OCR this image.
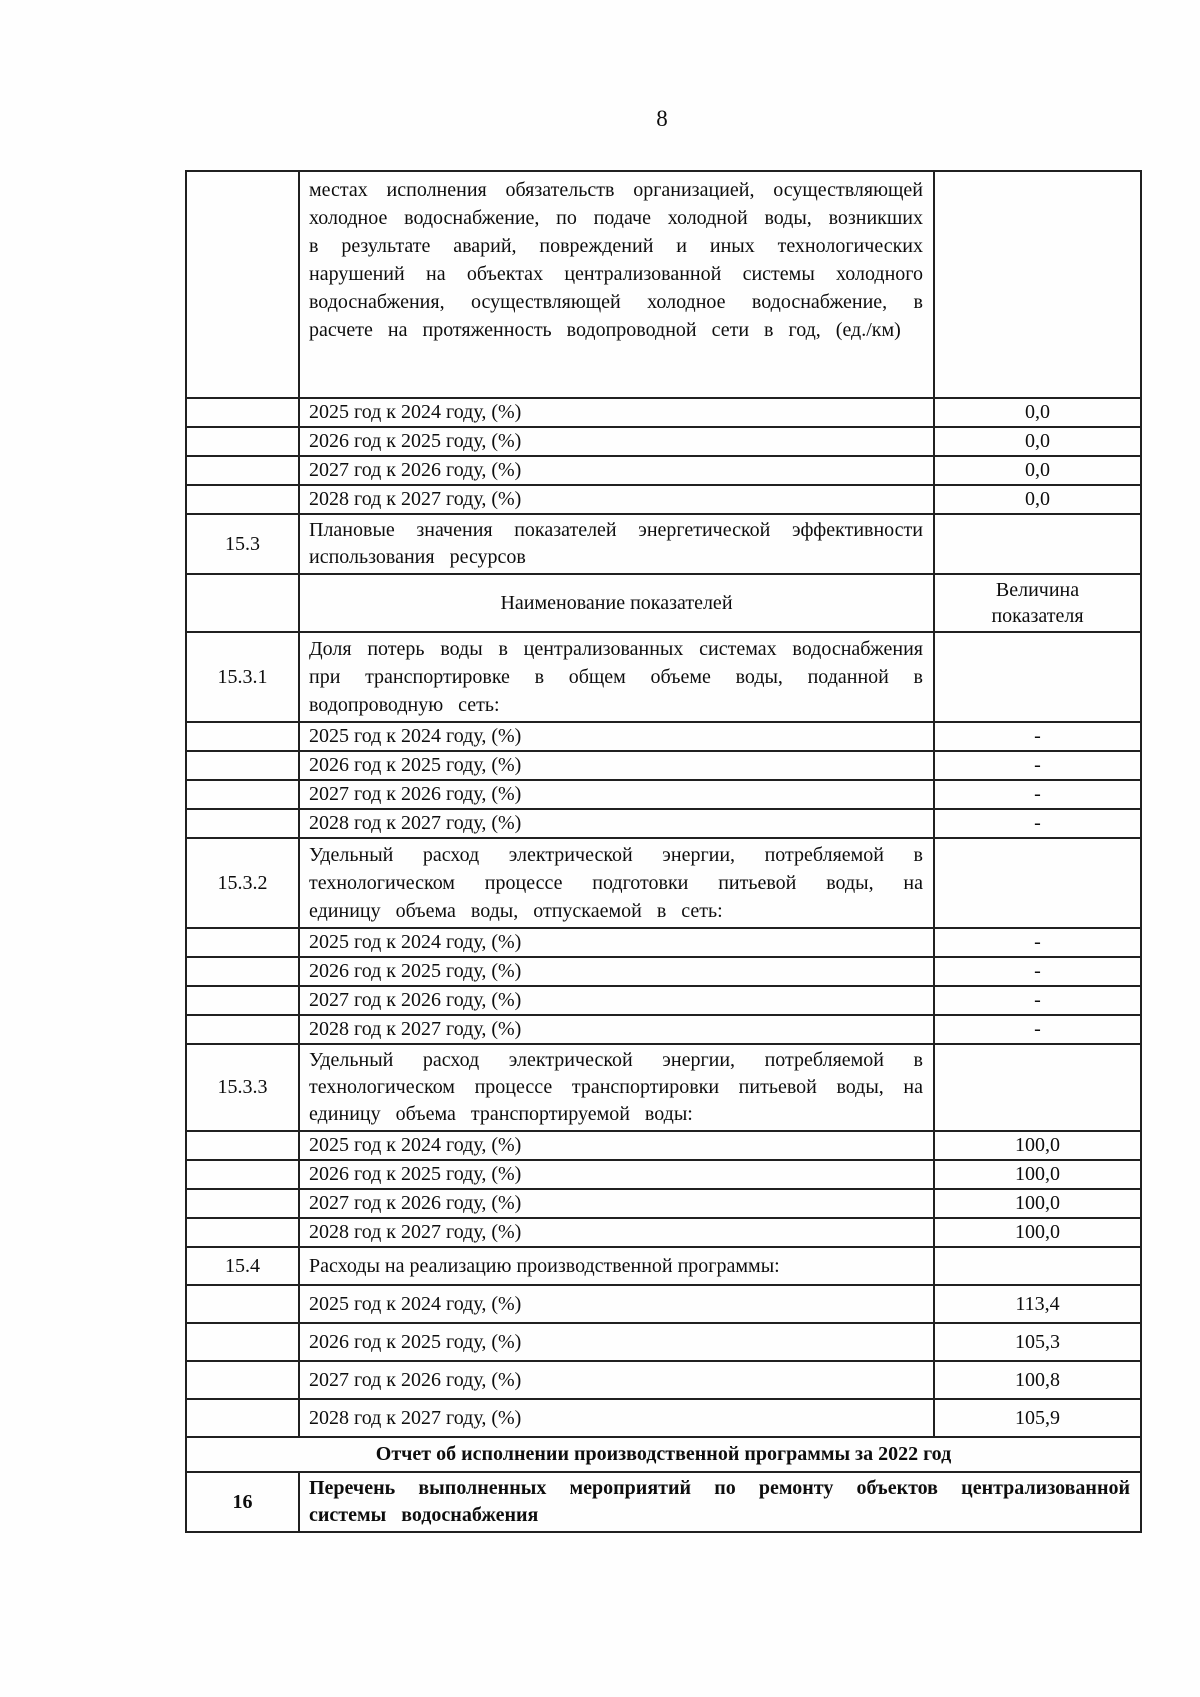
8
	местах исполнения обязательств организацией, осуществляющей холодное водоснабжение, по подаче холодной воды, возникших в результате аварий, повреждений и иных технологических нарушений на объектах централизованной системы холодного водоснабжения, осуществляющей холодное водоснабжение, в расчете на протяженность водопроводной сети в год, (ед./км)	
	2025 год к 2024 году, (%)	0,0
	2026 год к 2025 году, (%)	0,0
	2027 год к 2026 году, (%)	0,0
	2028 год к 2027 году, (%)	0,0
15.3	Плановые значения показателей энергетической эффективности использования ресурсов	
	Наименование показателей	Величина показателя
15.3.1	Доля потерь воды в централизованных системах водоснабжения при транспортировке в общем объеме воды, поданной в водопроводную сеть:	
	2025 год к 2024 году, (%)	-
	2026 год к 2025 году, (%)	-
	2027 год к 2026 году, (%)	-
	2028 год к 2027 году, (%)	-
15.3.2	Удельный расход электрической энергии, потребляемой в технологическом процессе подготовки питьевой воды, на единицу объема воды, отпускаемой в сеть:	
	2025 год к 2024 году, (%)	-
	2026 год к 2025 году, (%)	-
	2027 год к 2026 году, (%)	-
	2028 год к 2027 году, (%)	-
15.3.3	Удельный расход электрической энергии, потребляемой в технологическом процессе транспортировки питьевой воды, на единицу объема транспортируемой воды:	
	2025 год к 2024 году, (%)	100,0
	2026 год к 2025 году, (%)	100,0
	2027 год к 2026 году, (%)	100,0
	2028 год к 2027 году, (%)	100,0
15.4	Расходы на реализацию производственной программы:	
	2025 год к 2024 году, (%)	113,4
	2026 год к 2025 году, (%)	105,3
	2027 год к 2026 году, (%)	100,8
	2028 год к 2027 году, (%)	105,9
Отчет об исполнении производственной программы за 2022 год		
16	Перечень выполненных мероприятий по ремонту объектов централизованной системы водоснабжения	
